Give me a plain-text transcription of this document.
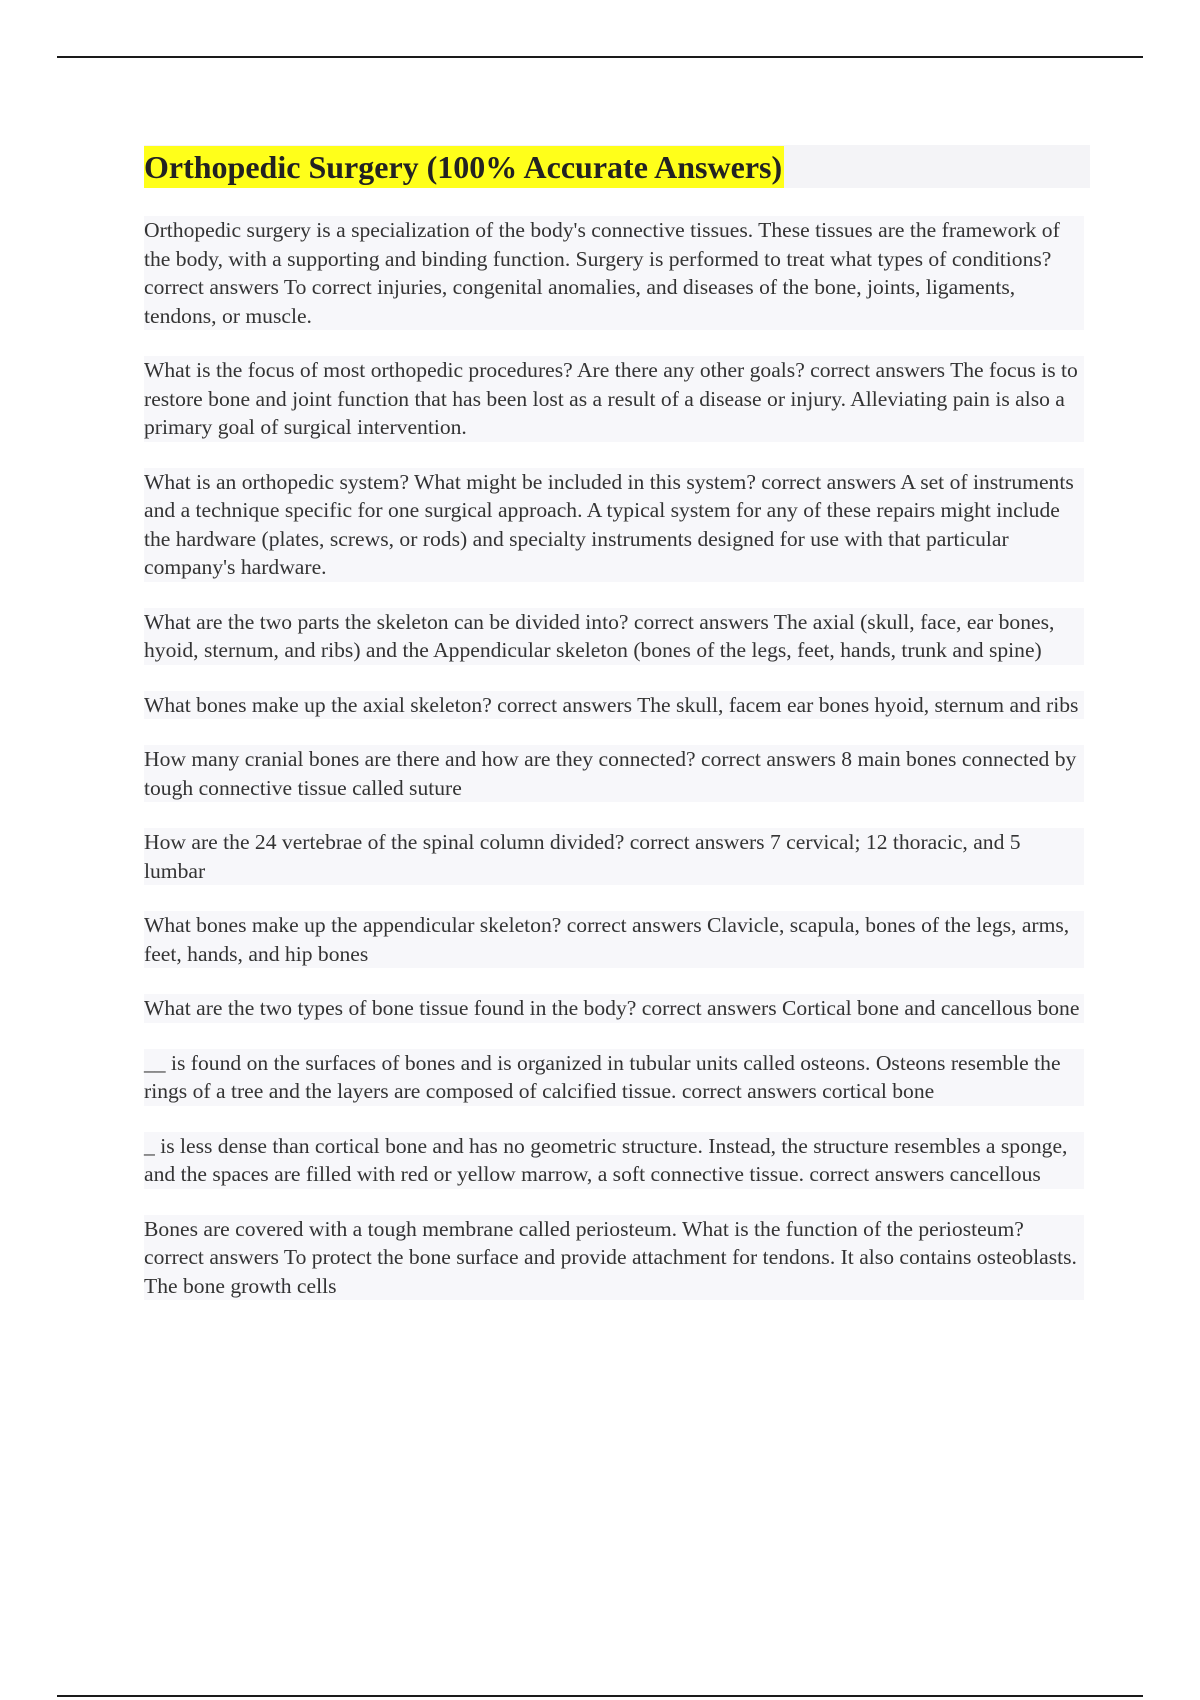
Orthopedic Surgery (100% Accurate Answers)
Orthopedic surgery is a specialization of the body's connective tissues. These tissues are the framework of the body, with a supporting and binding function. Surgery is performed to treat what types of conditions? correct answers To correct injuries, congenital anomalies, and diseases of the bone, joints, ligaments, tendons, or muscle.
What is the focus of most orthopedic procedures? Are there any other goals? correct answers The focus is to restore bone and joint function that has been lost as a result of a disease or injury. Alleviating pain is also a primary goal of surgical intervention.
What is an orthopedic system? What might be included in this system? correct answers A set of instruments and a technique specific for one surgical approach. A typical system for any of these repairs might include the hardware (plates, screws, or rods) and specialty instruments designed for use with that particular company's hardware.
What are the two parts the skeleton can be divided into? correct answers The axial (skull, face, ear bones, hyoid, sternum, and ribs) and the Appendicular skeleton (bones of the legs, feet, hands, trunk and spine)
What bones make up the axial skeleton? correct answers The skull, facem ear bones hyoid, sternum and ribs
How many cranial bones are there and how are they connected? correct answers 8 main bones connected by tough connective tissue called suture
How are the 24 vertebrae of the spinal column divided? correct answers 7 cervical; 12 thoracic, and 5 lumbar
What bones make up the appendicular skeleton? correct answers Clavicle, scapula, bones of the legs, arms, feet, hands, and hip bones
What are the two types of bone tissue found in the body? correct answers Cortical bone and cancellous bone
__ is found on the surfaces of bones and is organized in tubular units called osteons. Osteons resemble the rings of a tree and the layers are composed of calcified tissue. correct answers cortical bone
_ is less dense than cortical bone and has no geometric structure. Instead, the structure resembles a sponge, and the spaces are filled with red or yellow marrow, a soft connective tissue. correct answers cancellous
Bones are covered with a tough membrane called periosteum. What is the function of the periosteum? correct answers To protect the bone surface and provide attachment for tendons. It also contains osteoblasts. The bone growth cells
